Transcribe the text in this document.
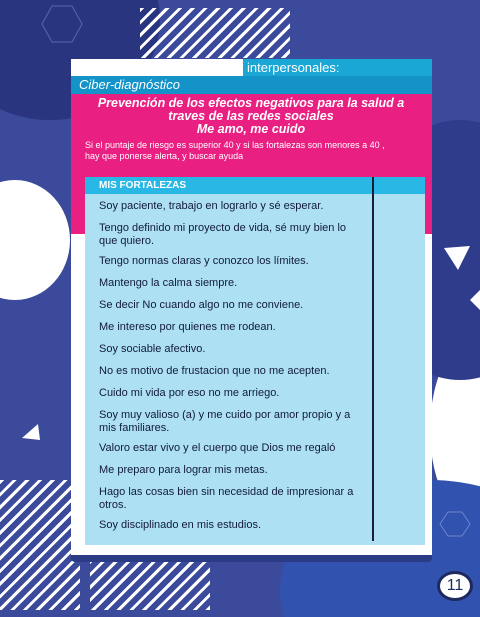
interpersonales:
Ciber-diagnóstico
Prevención de los efectos negativos para la salud a
traves de las redes sociales
Me amo, me cuido
Si el puntaje de riesgo es superior 40 y si las fortalezas son menores a 40 ,
hay que ponerse alerta, y buscar ayuda
MIS FORTALEZAS
Soy paciente, trabajo en lograrlo y sé esperar.
Tengo definido mi proyecto de vida, sé muy bien lo
que quiero.
Tengo normas claras y conozco los límites.
Mantengo la calma siempre.
Se decir No cuando algo no me conviene.
Me intereso por quienes me rodean.
Soy sociable afectivo.
No es motivo de frustacion que no me acepten.
Cuido mi vida por eso no me arriego.
Soy muy valioso (a) y me cuido por amor propio y a
mis familiares.
Valoro estar vivo y el cuerpo que Dios me regaló
Me preparo para lograr mis metas.
Hago las cosas bien sin necesidad de impresionar a
otros.
Soy disciplinado en mis estudios.
11
